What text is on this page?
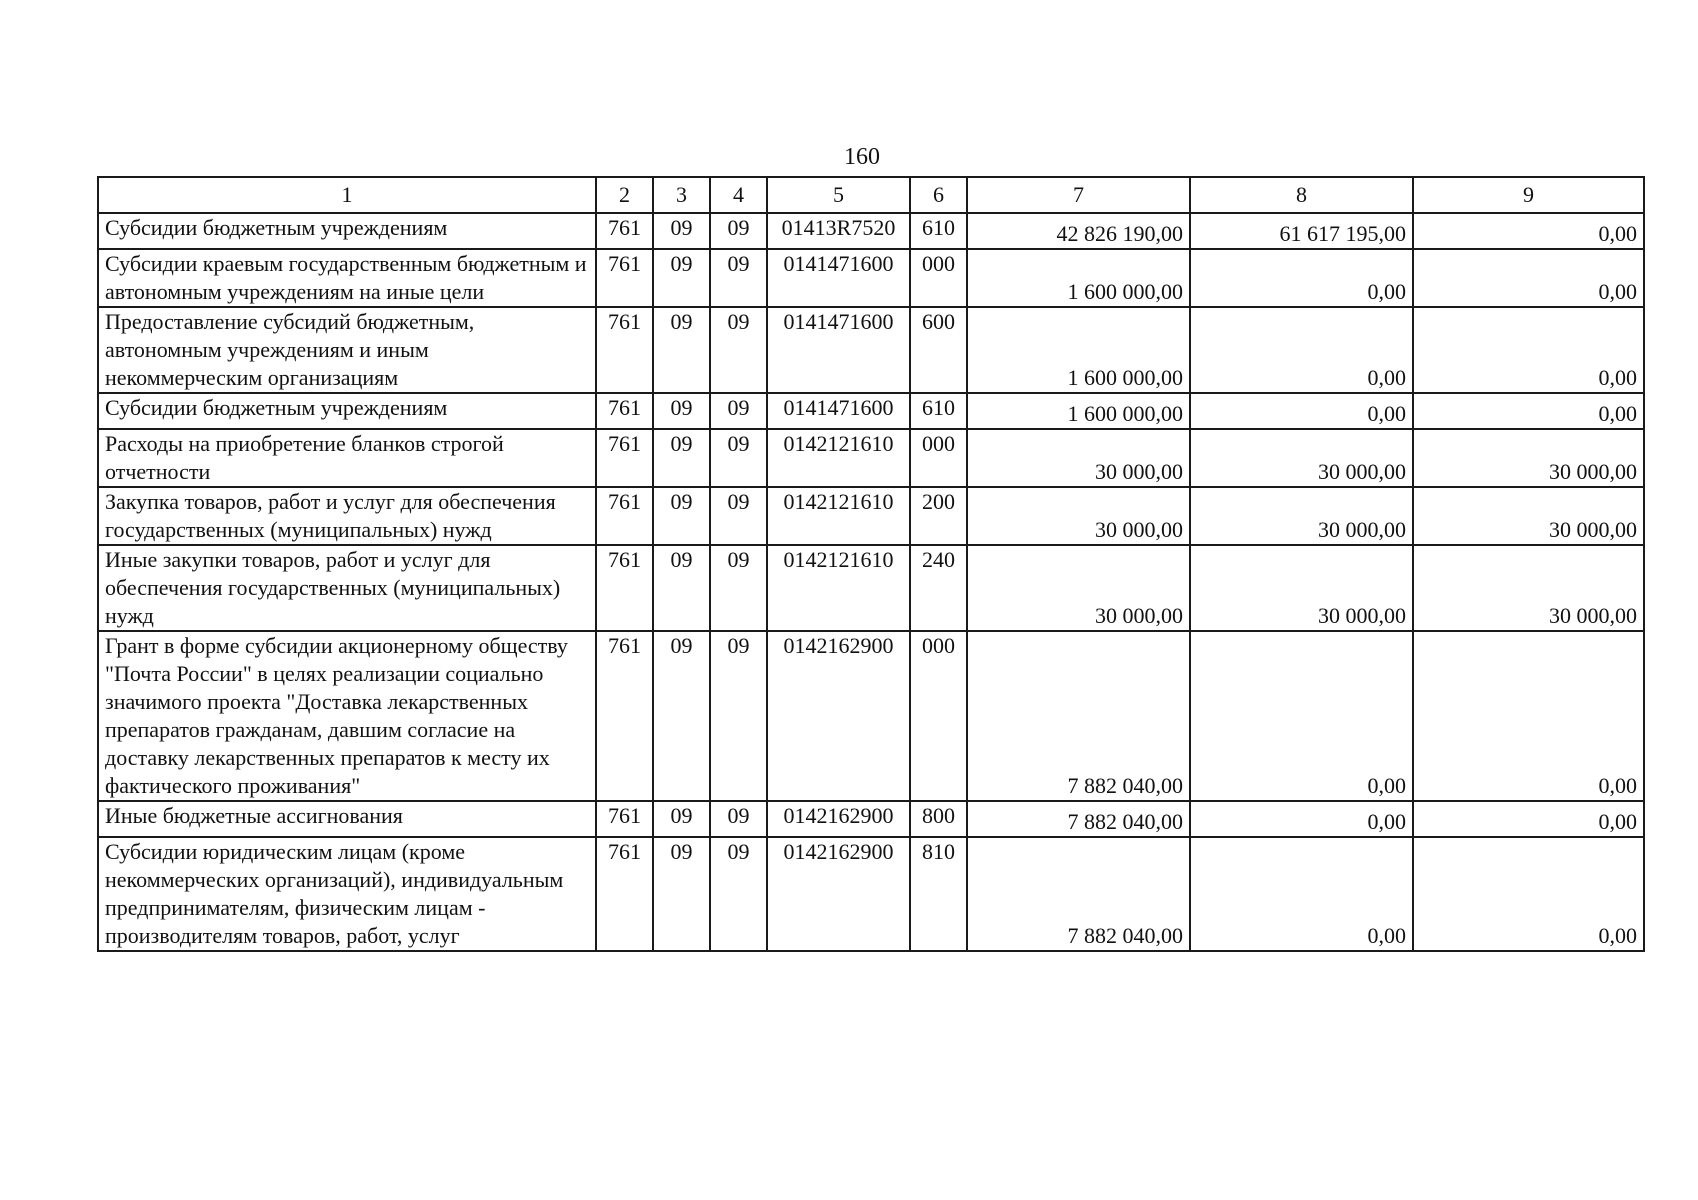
160
1	2	3	4	5	6	7	8	9
Субсидии бюджетным учреждениям	761	09	09	01413R7520	610	42 826 190,00	61 617 195,00	0,00
Субсидии краевым государственным бюджетным и автономным учреждениям на иные цели	761	09	09	0141471600	000	1 600 000,00	0,00	0,00
Предоставление субсидий бюджетным, автономным учреждениям и иным некоммерческим организациям	761	09	09	0141471600	600	1 600 000,00	0,00	0,00
Субсидии бюджетным учреждениям	761	09	09	0141471600	610	1 600 000,00	0,00	0,00
Расходы на приобретение бланков строгой отчетности	761	09	09	0142121610	000	30 000,00	30 000,00	30 000,00
Закупка товаров, работ и услуг для обеспечения государственных (муниципальных) нужд	761	09	09	0142121610	200	30 000,00	30 000,00	30 000,00
Иные закупки товаров, работ и услуг для обеспечения государственных (муниципальных) нужд	761	09	09	0142121610	240	30 000,00	30 000,00	30 000,00
Грант в форме субсидии акционерному обществу "Почта России" в целях реализации социально значимого проекта "Доставка лекарственных препаратов гражданам, давшим согласие на доставку лекарственных препаратов к месту их фактического проживания"	761	09	09	0142162900	000	7 882 040,00	0,00	0,00
Иные бюджетные ассигнования	761	09	09	0142162900	800	7 882 040,00	0,00	0,00
Субсидии юридическим лицам (кроме некоммерческих организаций), индивидуальным предпринимателям, физическим лицам - производителям товаров, работ, услуг	761	09	09	0142162900	810	7 882 040,00	0,00	0,00
